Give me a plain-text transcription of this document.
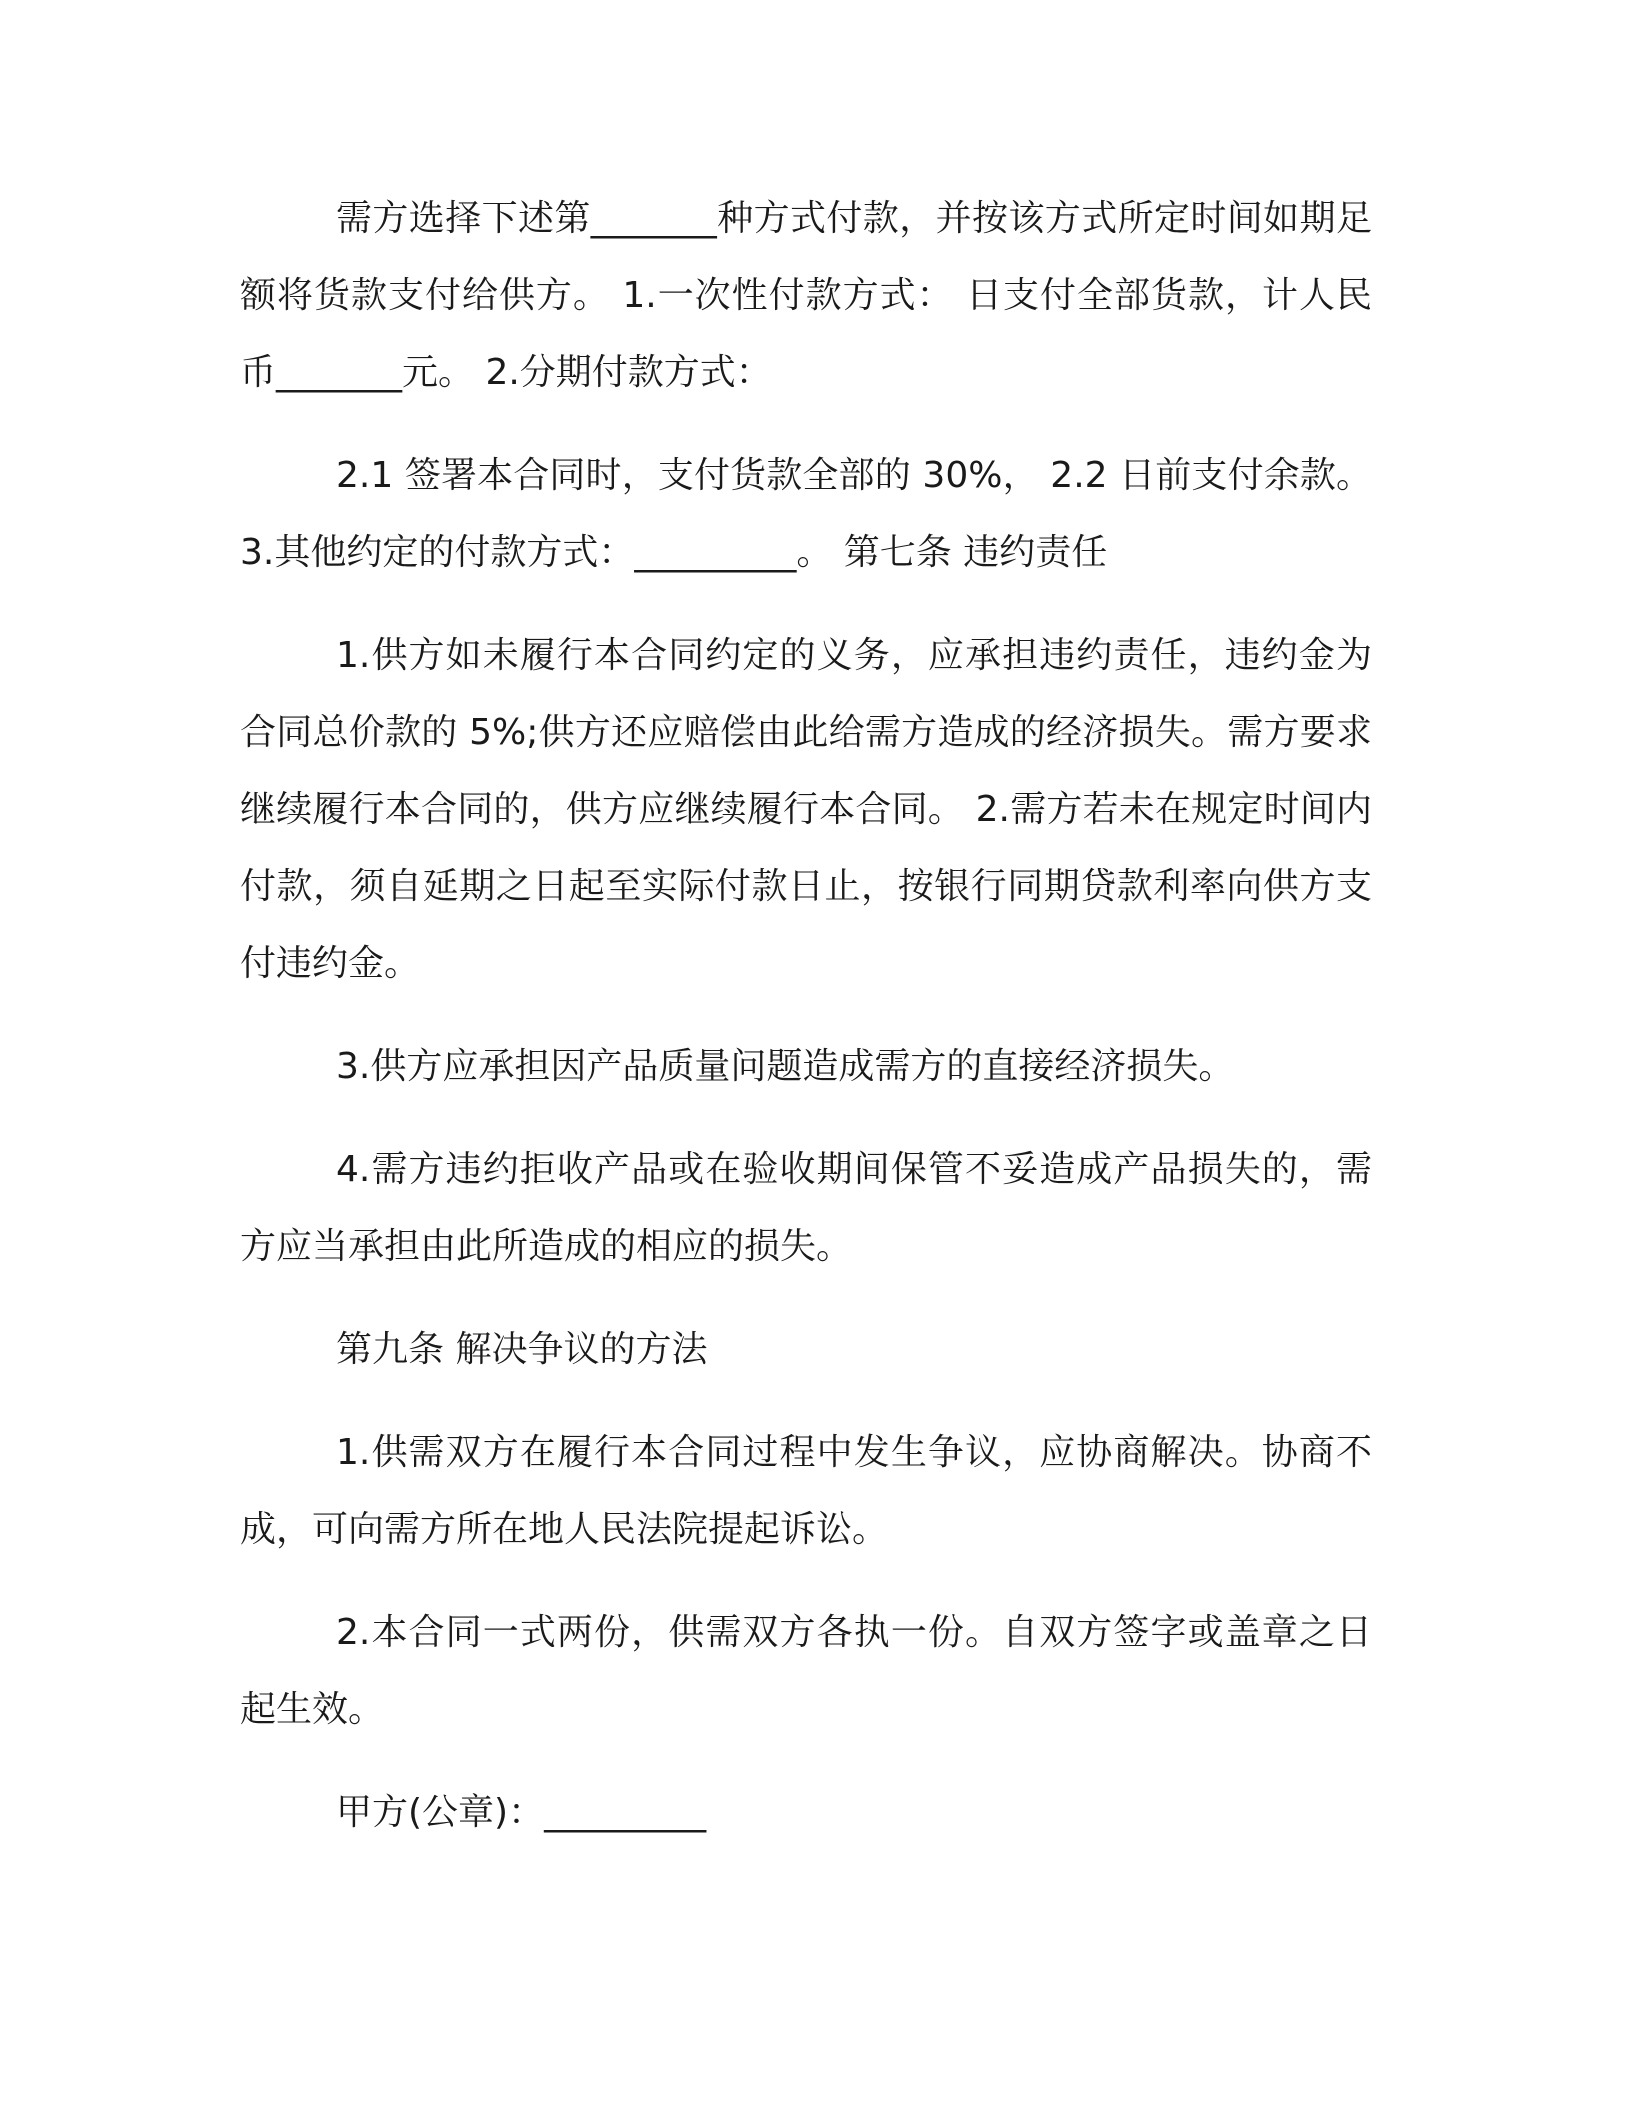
需方选择下述第_______种方式付款，并按该方式所定时间如期足额将货款支付给供方。 1.一次性付款方式： 日支付全部货款，计人民币_______元。 2.分期付款方式：

2.1 签署本合同时，支付货款全部的 30%， 2.2 日前支付余款。 3.其他约定的付款方式：_________。 第七条 违约责任

1.供方如未履行本合同约定的义务，应承担违约责任，违约金为合同总价款的 5%;供方还应赔偿由此给需方造成的经济损失。需方要求继续履行本合同的，供方应继续履行本合同。 2.需方若未在规定时间内付款，须自延期之日起至实际付款日止，按银行同期贷款利率向供方支付违约金。

3.供方应承担因产品质量问题造成需方的直接经济损失。

4.需方违约拒收产品或在验收期间保管不妥造成产品损失的，需方应当承担由此所造成的相应的损失。

第九条 解决争议的方法

1.供需双方在履行本合同过程中发生争议，应协商解决。协商不成，可向需方所在地人民法院提起诉讼。

2.本合同一式两份，供需双方各执一份。自双方签字或盖章之日起生效。

甲方(公章)：_________
